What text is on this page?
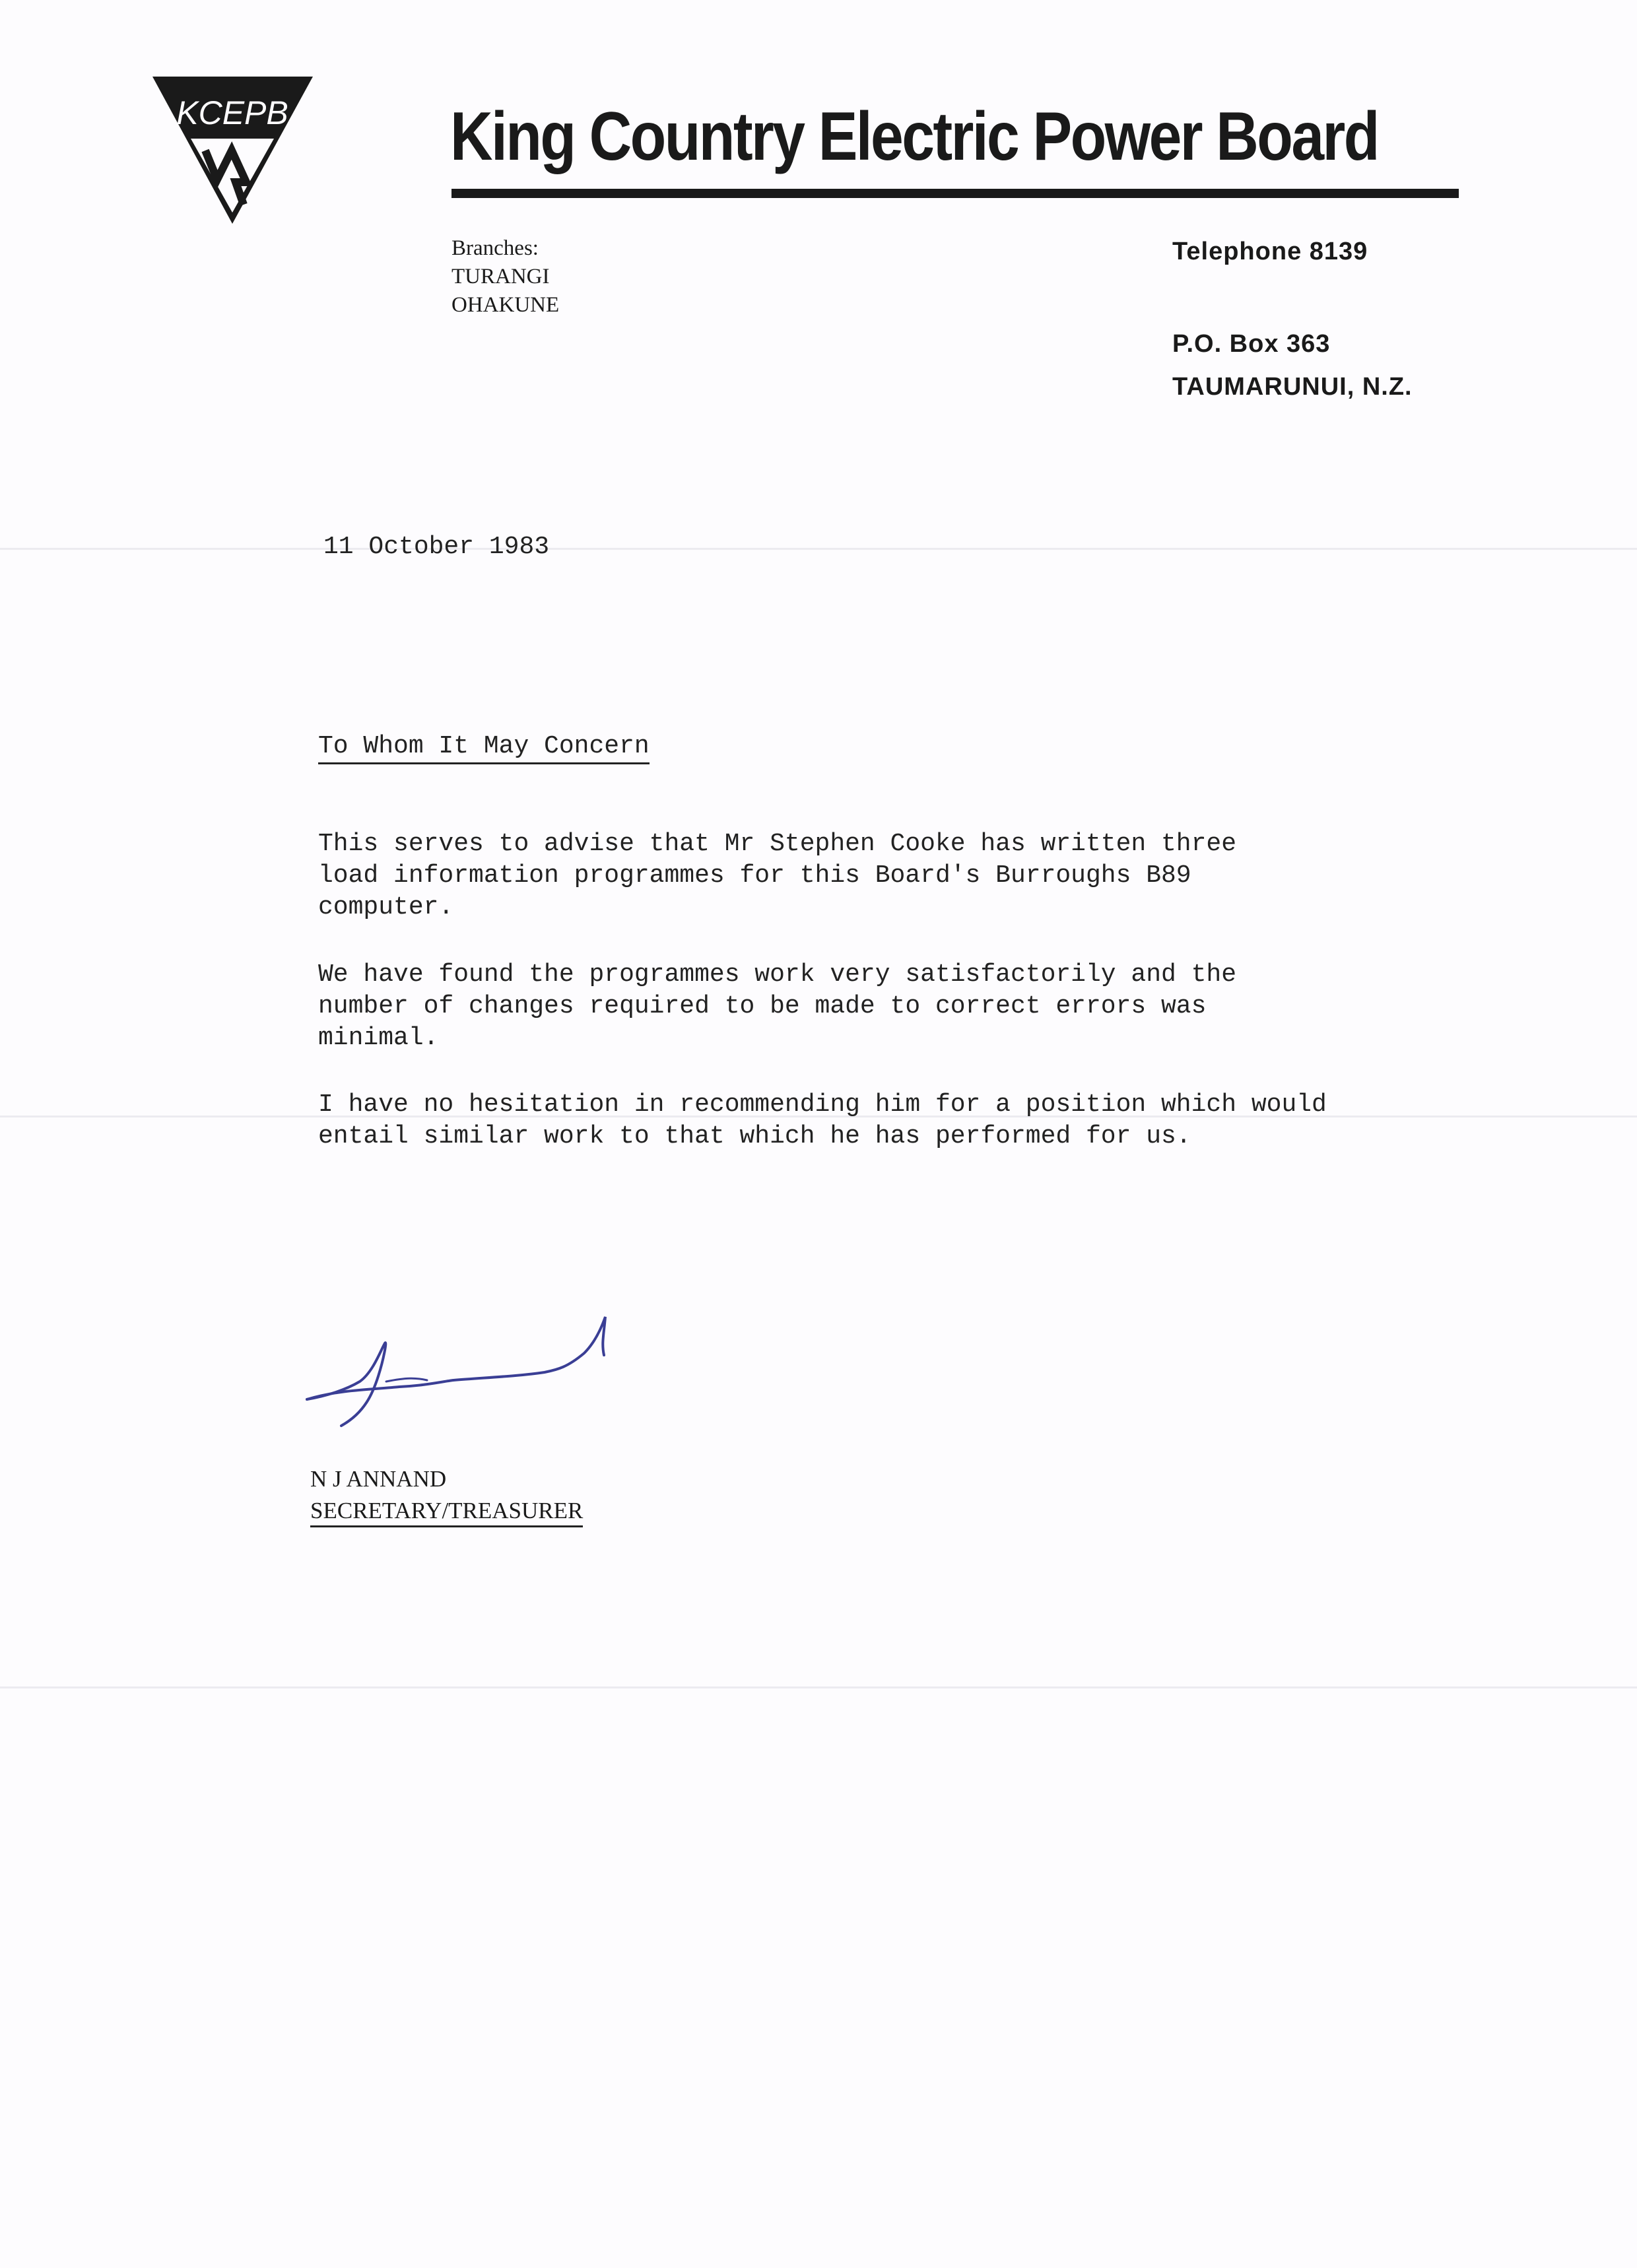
KCEPB King Country Electric Power Board
Branches:
TURANGI
OHAKUNE
Telephone 8139
P.O. Box 363
TAUMARUNUI, N.Z.
11 October 1983
To Whom It May Concern
This serves to advise that Mr Stephen Cooke has written three
load information programmes for this Board's Burroughs B89
computer.
We have found the programmes work very satisfactorily and the
number of changes required to be made to correct errors was
minimal.
I have no hesitation in recommending him for a position which would
entail similar work to that which he has performed for us.
N J ANNAND
SECRETARY/TREASURER
